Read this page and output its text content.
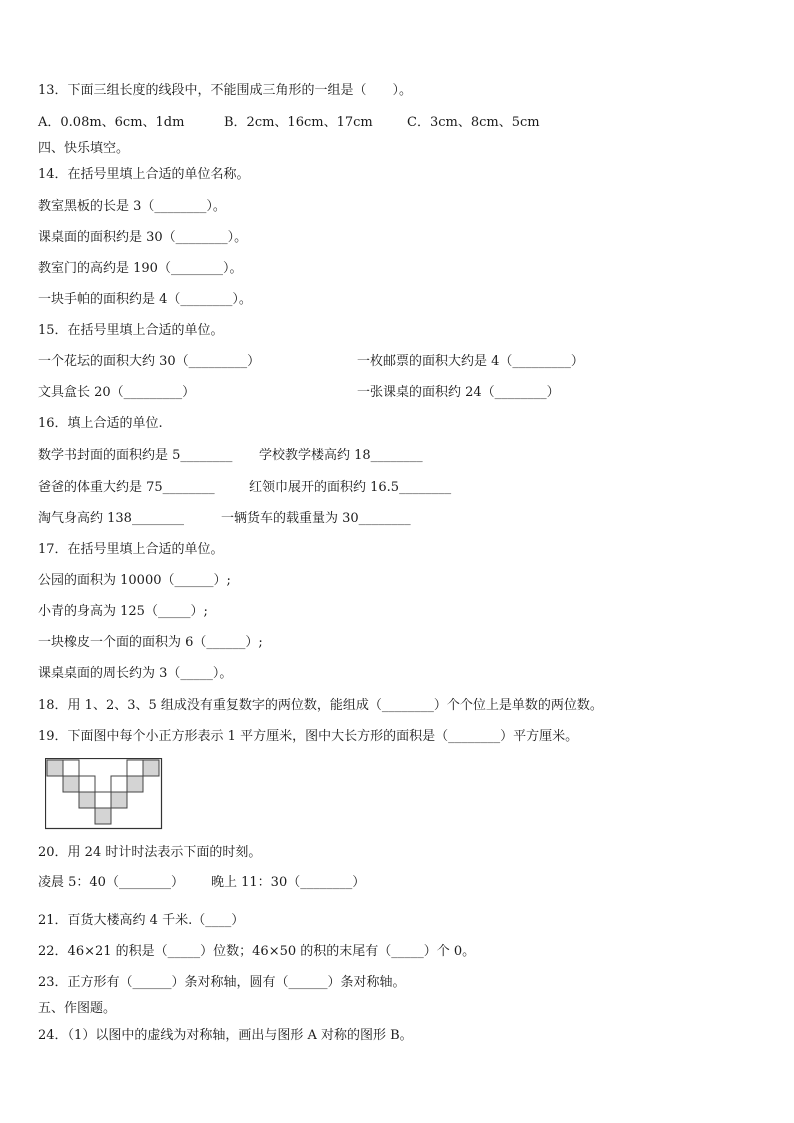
13．下面三组长度的线段中，不能围成三角形的一组是（　　）。
A．0.08m、6cm、1dm	B．2cm、16cm、17cm	C．3cm、8cm、5cm
四、快乐填空。
14．在括号里填上合适的单位名称。
教室黑板的长是 3（________）。
课桌面的面积约是 30（________）。
教室门的高约是 190（________）。
一块手帕的面积约是 4（________）。
15．在括号里填上合适的单位。
一个花坛的面积大约 30（_________）	一枚邮票的面积大约是 4（_________）
文具盒长 20（_________）	一张课桌的面积约 24（________）
16．填上合适的单位.
数学书封面的面积约是 5________ 学校教学楼高约 18________
爸爸的体重大约是 75________	红领巾展开的面积约 16.5________
淘气身高约 138________	一辆货车的载重量为 30________
17．在括号里填上合适的单位。
公园的面积为 10000（______）;
小青的身高为 125（_____）;
一块橡皮一个面的面积为 6（______）;
课桌桌面的周长约为 3（_____）。
18．用 1、2、3、5 组成没有重复数字的两位数，能组成（________）个个位上是单数的两位数。
19．下面图中每个小正方形表示 1 平方厘米，图中大长方形的面积是（________）平方厘米。
20．用 24 时计时法表示下面的时刻。
凌晨 5：40（________） 晚上 11：30（________）
21．百货大楼高约 4 千米.（____）
22．46×21 的积是（_____）位数；46×50 的积的末尾有（_____）个 0。
23．正方形有（______）条对称轴，圆有（______）条对称轴。
五、作图题。
24．（1）以图中的虚线为对称轴，画出与图形 A 对称的图形 B。
